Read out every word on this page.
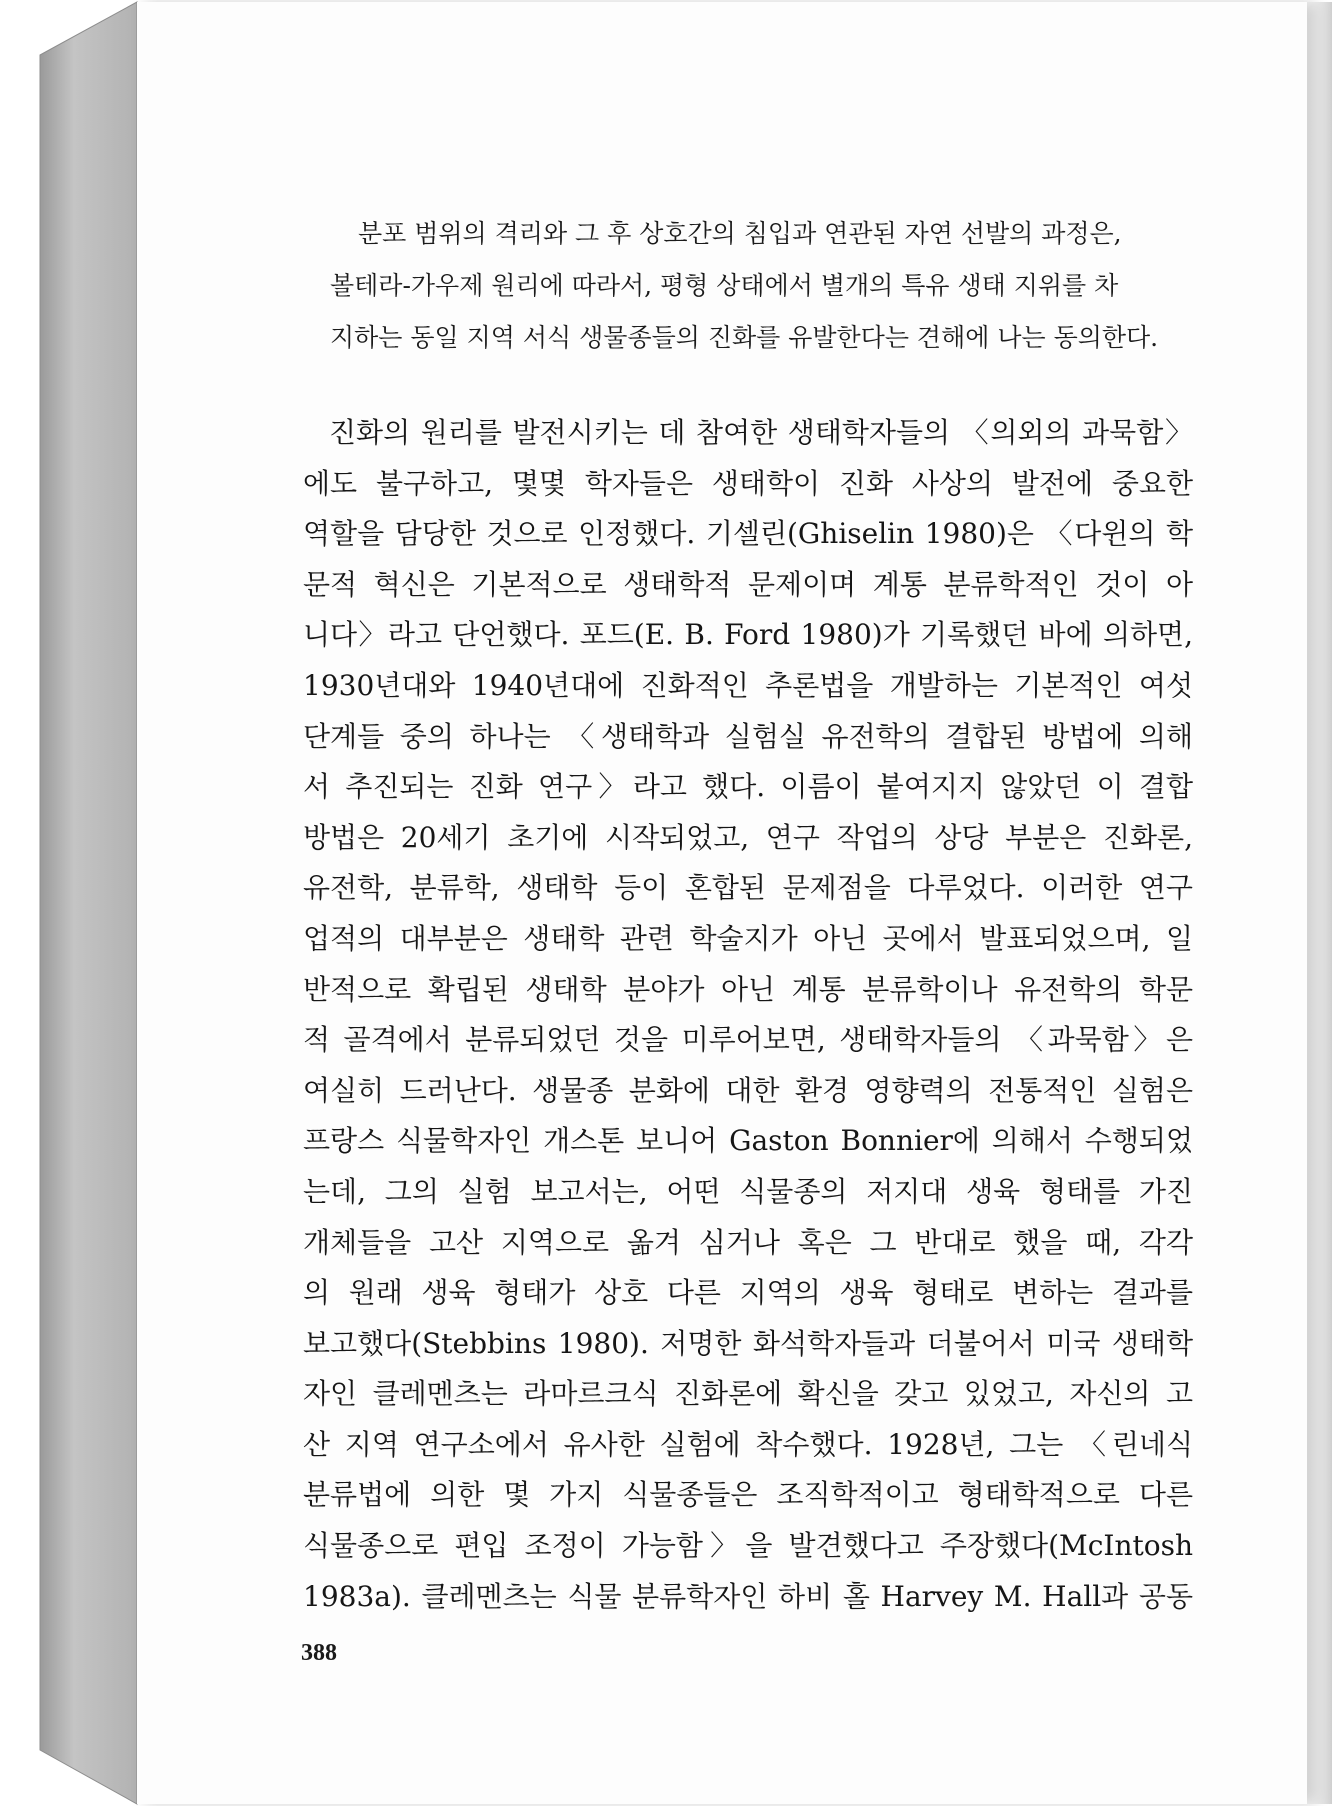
분포 범위의 격리와 그 후 상호간의 침입과 연관된 자연 선발의 과정은,
볼테라-가우제 원리에 따라서, 평형 상태에서 별개의 특유 생태 지위를 차
지하는 동일 지역 서식 생물종들의 진화를 유발한다는 견해에 나는 동의한다.
진화의 원리를 발전시키는 데 참여한 생태학자들의 〈의외의 과묵함〉
에도 불구하고, 몇몇 학자들은 생태학이 진화 사상의 발전에 중요한
역할을 담당한 것으로 인정했다. 기셀린(Ghiselin 1980)은 〈다윈의 학
문적 혁신은 기본적으로 생태학적 문제이며 계통 분류학적인 것이 아
니다〉라고 단언했다. 포드(E. B. Ford 1980)가 기록했던 바에 의하면,
1930년대와 1940년대에 진화적인 추론법을 개발하는 기본적인 여섯
단계들 중의 하나는 〈생태학과 실험실 유전학의 결합된 방법에 의해
서 추진되는 진화 연구〉라고 했다. 이름이 붙여지지 않았던 이 결합
방법은 20세기 초기에 시작되었고, 연구 작업의 상당 부분은 진화론,
유전학, 분류학, 생태학 등이 혼합된 문제점을 다루었다. 이러한 연구
업적의 대부분은 생태학 관련 학술지가 아닌 곳에서 발표되었으며, 일
반적으로 확립된 생태학 분야가 아닌 계통 분류학이나 유전학의 학문
적 골격에서 분류되었던 것을 미루어보면, 생태학자들의 〈과묵함〉은
여실히 드러난다. 생물종 분화에 대한 환경 영향력의 전통적인 실험은
프랑스 식물학자인 개스톤 보니어 Gaston Bonnier에 의해서 수행되었
는데, 그의 실험 보고서는, 어떤 식물종의 저지대 생육 형태를 가진
개체들을 고산 지역으로 옮겨 심거나 혹은 그 반대로 했을 때, 각각
의 원래 생육 형태가 상호 다른 지역의 생육 형태로 변하는 결과를
보고했다(Stebbins 1980). 저명한 화석학자들과 더불어서 미국 생태학
자인 클레멘츠는 라마르크식 진화론에 확신을 갖고 있었고, 자신의 고
산 지역 연구소에서 유사한 실험에 착수했다. 1928년, 그는 〈린네식
분류법에 의한 몇 가지 식물종들은 조직학적이고 형태학적으로 다른
식물종으로 편입 조정이 가능함〉을 발견했다고 주장했다(McIntosh
1983a). 클레멘츠는 식물 분류학자인 하비 홀 Harvey M. Hall과 공동
388
